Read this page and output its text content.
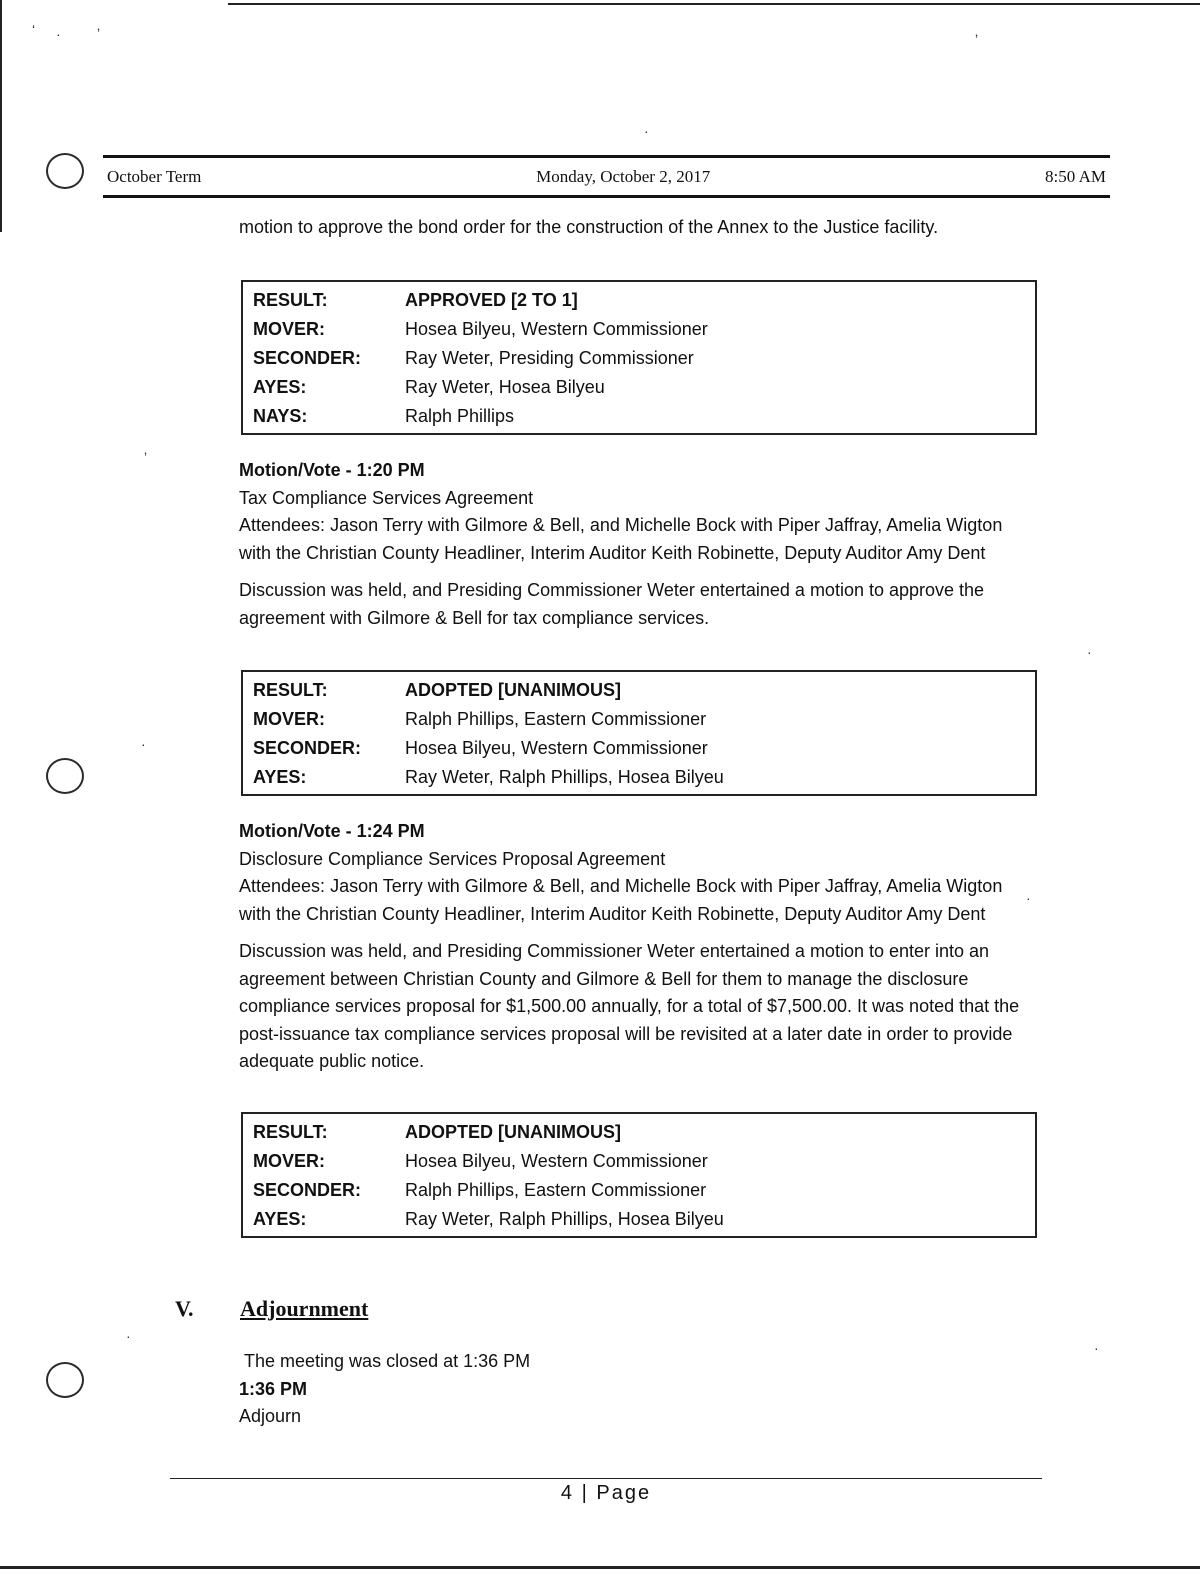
ʻ ·	ʼ	ʼ
·
ʼ
·
·
·
·
·
October Term	Monday, October 2, 2017	8:50 AM

motion to approve the bond order for the construction of the Annex to the Justice facility.

RESULT:	APPROVED [2 TO 1]
MOVER:	Hosea Bilyeu, Western Commissioner
SECONDER:	Ray Weter, Presiding Commissioner
AYES:	Ray Weter, Hosea Bilyeu
NAYS:	Ralph Phillips

Motion/Vote - 1:20 PM

Tax Compliance Services Agreement

Attendees: Jason Terry with Gilmore & Bell, and Michelle Bock with Piper Jaffray, Amelia Wigton with the Christian County Headliner, Interim Auditor Keith Robinette, Deputy Auditor Amy Dent

Discussion was held, and Presiding Commissioner Weter entertained a motion to approve the agreement with Gilmore & Bell for tax compliance services.

RESULT:	ADOPTED [UNANIMOUS]
MOVER:	Ralph Phillips, Eastern Commissioner
SECONDER:	Hosea Bilyeu, Western Commissioner
AYES:	Ray Weter, Ralph Phillips, Hosea Bilyeu

Motion/Vote - 1:24 PM

Disclosure Compliance Services Proposal Agreement

Attendees: Jason Terry with Gilmore & Bell, and Michelle Bock with Piper Jaffray, Amelia Wigton with the Christian County Headliner, Interim Auditor Keith Robinette, Deputy Auditor Amy Dent

Discussion was held, and Presiding Commissioner Weter entertained a motion to enter into an agreement between Christian County and Gilmore & Bell for them to manage the disclosure compliance services proposal for $1,500.00 annually, for a total of $7,500.00. It was noted that the post-issuance tax compliance services proposal will be revisited at a later date in order to provide adequate public notice.

RESULT:	ADOPTED [UNANIMOUS]
MOVER:	Hosea Bilyeu, Western Commissioner
SECONDER:	Ralph Phillips, Eastern Commissioner
AYES:	Ray Weter, Ralph Phillips, Hosea Bilyeu
V. Adjournment

The meeting was closed at 1:36 PM

1:36 PM

Adjourn

4 | Page
